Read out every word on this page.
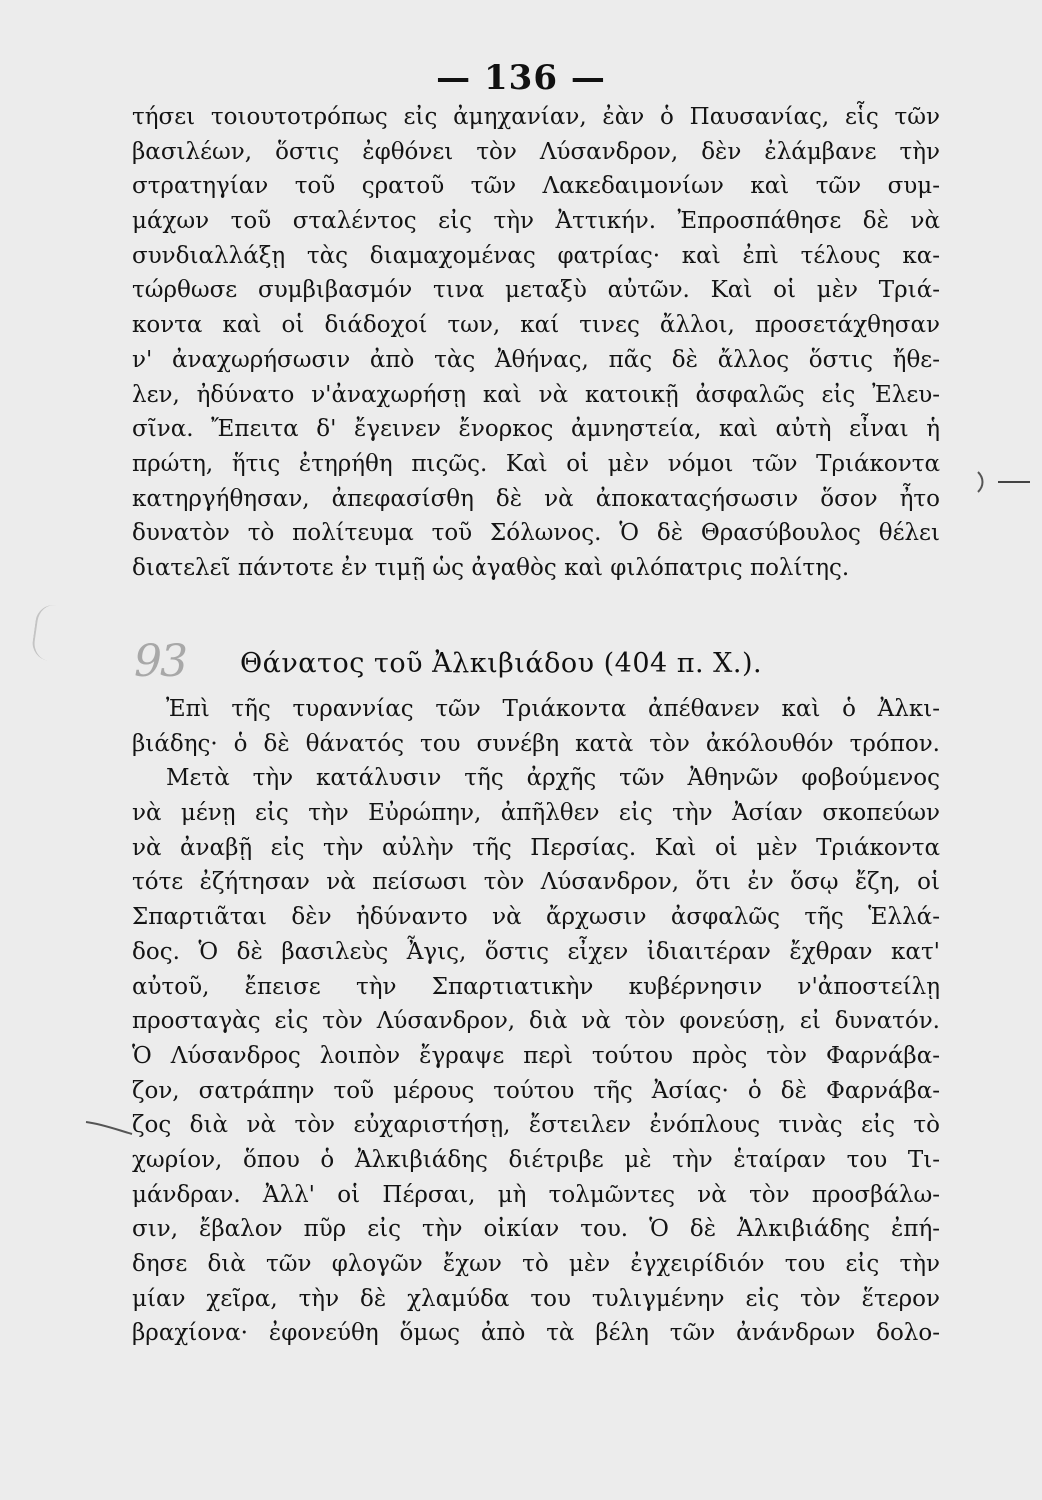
— 136 —
τήσει τοιουτοτρόπως εἰς ἀμηχανίαν, ἐὰν ὁ Παυσανίας, εἷς τῶν
βασιλέων, ὅστις ἐφθόνει τὸν Λύσανδρον, δὲν ἐλάμβανε τὴν
στρατηγίαν τοῦ ςρατοῦ τῶν Λακεδαιμονίων καὶ τῶν συμ-
μάχων τοῦ σταλέντος εἰς τὴν Ἀττικήν. Ἐπροσπάθησε δὲ νὰ
συνδιαλλάξῃ τὰς διαμαχομένας φατρίας· καὶ ἐπὶ τέλους κα-
τώρθωσε συμβιβασμόν τινα μεταξὺ αὐτῶν. Καὶ οἱ μὲν Τριά-
κοντα καὶ οἱ διάδοχοί των, καί τινες ἄλλοι, προσετάχθησαν
ν' ἀναχωρήσωσιν ἀπὸ τὰς Ἀθήνας, πᾶς δὲ ἄλλος ὅστις ἤθε-
λεν, ἠδύνατο ν'ἀναχωρήσῃ καὶ νὰ κατοικῇ ἀσφαλῶς εἰς Ἐλευ-
σῖνα. Ἔπειτα δ' ἔγεινεν ἔνορκος ἀμνηστεία, καὶ αὐτὴ εἶναι ἡ
πρώτη, ἥτις ἐτηρήθη πιςῶς. Καὶ οἱ μὲν νόμοι τῶν Τριάκοντα
κατηργήθησαν, ἀπεφασίσθη δὲ νὰ ἀποκαταςήσωσιν ὅσον ἦτο
δυνατὸν τὸ πολίτευμα τοῦ Σόλωνος. Ὁ δὲ Θρασύβουλος θέλει
διατελεῖ πάντοτε ἐν τιμῇ ὡς ἀγαθὸς καὶ φιλόπατρις πολίτης.
93 Θάνατος τοῦ Ἀλκιβιάδου (404 π. Χ.).
Ἐπὶ τῆς τυραννίας τῶν Τριάκοντα ἀπέθανεν καὶ ὁ Ἀλκι-
βιάδης· ὁ δὲ θάνατός του συνέβη κατὰ τὸν ἀκόλουθόν τρόπον.
Μετὰ τὴν κατάλυσιν τῆς ἀρχῆς τῶν Ἀθηνῶν φοβούμενος
νὰ μένῃ εἰς τὴν Εὐρώπην, ἀπῆλθεν εἰς τὴν Ἀσίαν σκοπεύων
νὰ ἀναβῇ εἰς τὴν αὐλὴν τῆς Περσίας. Καὶ οἱ μὲν Τριάκοντα
τότε ἐζήτησαν νὰ πείσωσι τὸν Λύσανδρον, ὅτι ἐν ὅσῳ ἔζη, οἱ
Σπαρτιᾶται δὲν ἠδύναντο νὰ ἄρχωσιν ἀσφαλῶς τῆς Ἑλλά-
δος. Ὁ δὲ βασιλεὺς Ἆγις, ὅστις εἶχεν ἰδιαιτέραν ἔχθραν κατ'
αὐτοῦ, ἔπεισε τὴν Σπαρτιατικὴν κυβέρνησιν ν'ἀποστείλῃ
προσταγὰς εἰς τὸν Λύσανδρον, διὰ νὰ τὸν φονεύσῃ, εἰ δυνατόν.
Ὁ Λύσανδρος λοιπὸν ἔγραψε περὶ τούτου πρὸς τὸν Φαρνάβα-
ζον, σατράπην τοῦ μέρους τούτου τῆς Ἀσίας· ὁ δὲ Φαρνάβα-
ζος διὰ νὰ τὸν εὐχαριστήσῃ, ἔστειλεν ἐνόπλους τινὰς εἰς τὸ
χωρίον, ὅπου ὁ Ἀλκιβιάδης διέτριβε μὲ τὴν ἑταίραν του Τι-
μάνδραν. Ἀλλ' οἱ Πέρσαι, μὴ τολμῶντες νὰ τὸν προσβάλω-
σιν, ἔβαλον πῦρ εἰς τὴν οἰκίαν του. Ὁ δὲ Ἀλκιβιάδης ἐπή-
δησε διὰ τῶν φλογῶν ἔχων τὸ μὲν ἐγχειρίδιόν του εἰς τὴν
μίαν χεῖρα, τὴν δὲ χλαμύδα του τυλιγμένην εἰς τὸν ἕτερον
βραχίονα· ἐφονεύθη ὅμως ἀπὸ τὰ βέλη τῶν ἀνάνδρων δολο-
